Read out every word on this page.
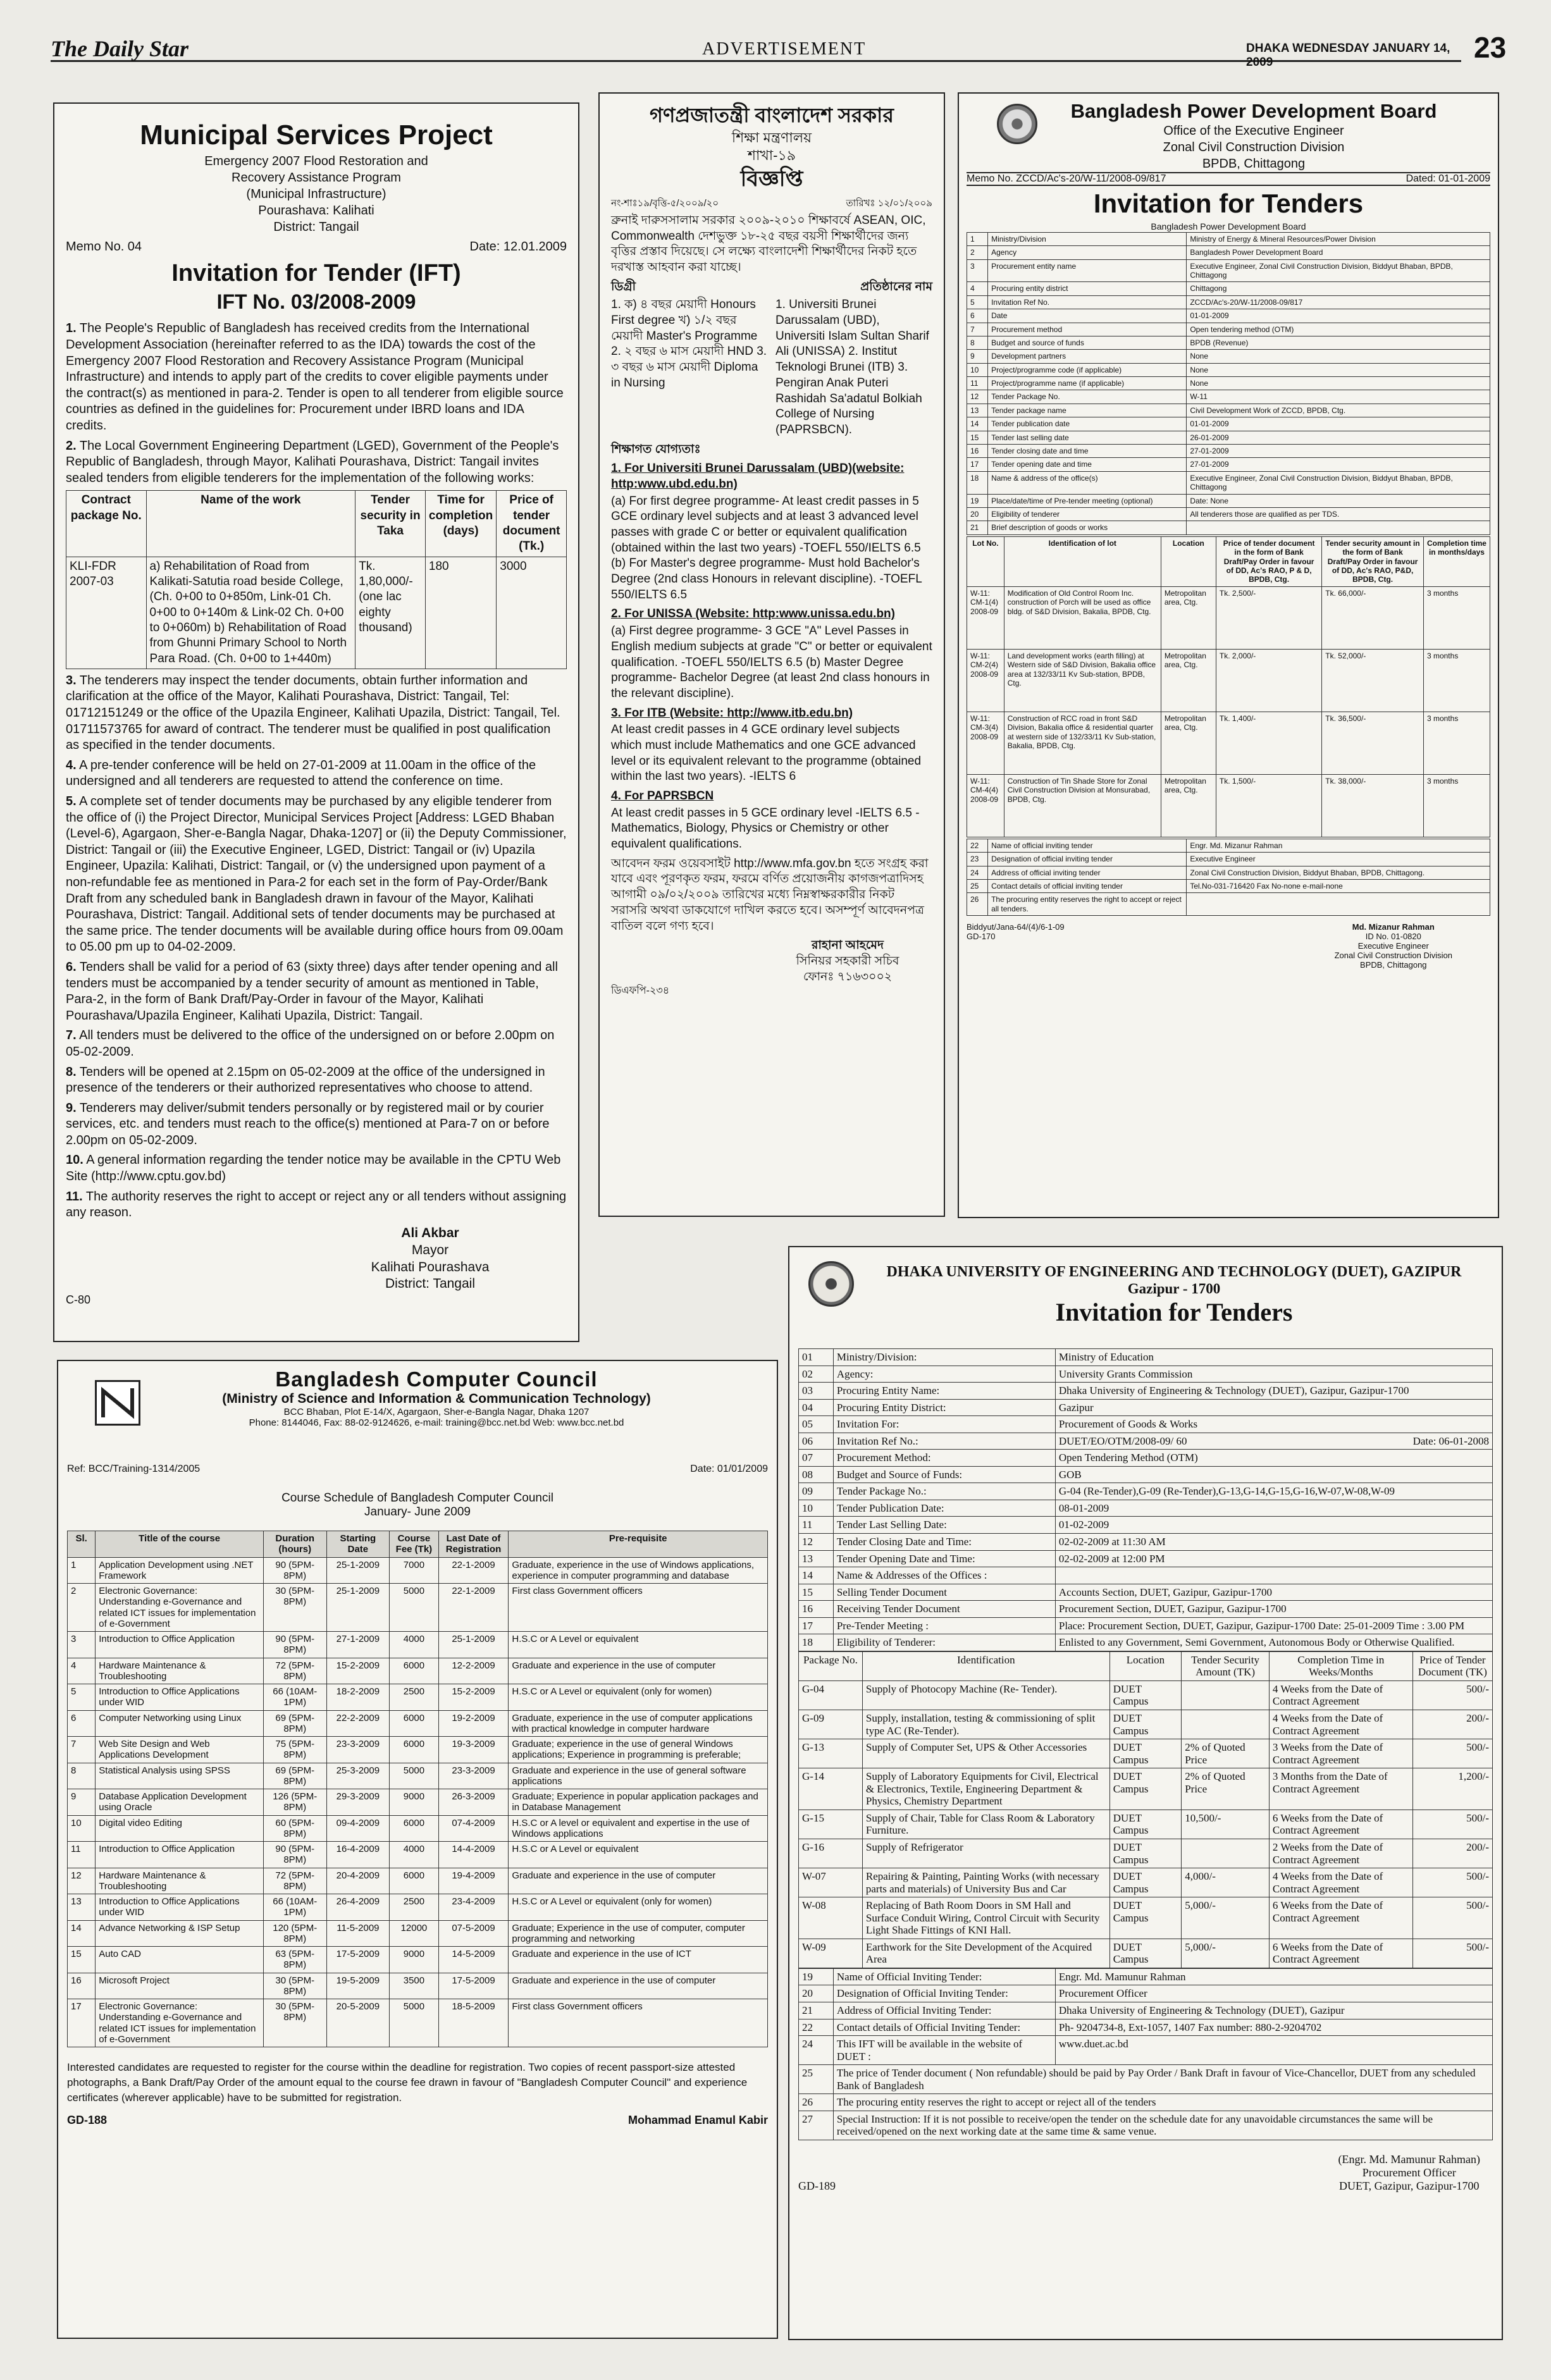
The Daily Star	ADVERTISEMENT	DHAKA WEDNESDAY JANUARY 14, 2009	23
Municipal Services Project
Emergency 2007 Flood Restoration and
Recovery Assistance Program
(Municipal Infrastructure)
Pourashava: Kalihati
District: Tangail
Memo No. 04	Date: 12.01.2009
Invitation for Tender (IFT)
IFT No. 03/2008-2009

1. The People's Republic of Bangladesh has received credits from the International Development Association (hereinafter referred to as the IDA) towards the cost of the Emergency 2007 Flood Restoration and Recovery Assistance Program (Municipal Infrastructure) and intends to apply part of the credits to cover eligible payments under the contract(s) as mentioned in para-2. Tender is open to all tenderer from eligible source countries as defined in the guidelines for: Procurement under IBRD loans and IDA credits.

2. The Local Government Engineering Department (LGED), Government of the People's Republic of Bangladesh, through Mayor, Kalihati Pourashava, District: Tangail invites sealed tenders from eligible tenderers for the implementation of the following works:

Contract package No.	Name of the work	Tender security in Taka	Time for completion (days)	Price of tender document (Tk.)
KLI-FDR 2007-03	a) Rehabilitation of Road from Kalikati-Satutia road beside College, (Ch. 0+00 to 0+850m, Link-01 Ch. 0+00 to 0+140m & Link-02 Ch. 0+00 to 0+060m) b) Rehabilitation of Road from Ghunni Primary School to North Para Road. (Ch. 0+00 to 1+440m)	Tk. 1,80,000/- (one lac eighty thousand)	180	3000

3. The tenderers may inspect the tender documents, obtain further information and clarification at the office of the Mayor, Kalihati Pourashava, District: Tangail, Tel: 01712151249 or the office of the Upazila Engineer, Kalihati Upazila, District: Tangail, Tel. 01711573765 for award of contract. The tenderer must be qualified in post qualification as specified in the tender documents.

4. A pre-tender conference will be held on 27-01-2009 at 11.00am in the office of the undersigned and all tenderers are requested to attend the conference on time.

5. A complete set of tender documents may be purchased by any eligible tenderer from the office of (i) the Project Director, Municipal Services Project [Address: LGED Bhaban (Level-6), Agargaon, Sher-e-Bangla Nagar, Dhaka-1207] or (ii) the Deputy Commissioner, District: Tangail or (iii) the Executive Engineer, LGED, District: Tangail or (iv) Upazila Engineer, Upazila: Kalihati, District: Tangail, or (v) the undersigned upon payment of a non-refundable fee as mentioned in Para-2 for each set in the form of Pay-Order/Bank Draft from any scheduled bank in Bangladesh drawn in favour of the Mayor, Kalihati Pourashava, District: Tangail. Additional sets of tender documents may be purchased at the same price. The tender documents will be available during office hours from 09.00am to 05.00 pm up to 04-02-2009.

6. Tenders shall be valid for a period of 63 (sixty three) days after tender opening and all tenders must be accompanied by a tender security of amount as mentioned in Table, Para-2, in the form of Bank Draft/Pay-Order in favour of the Mayor, Kalihati Pourashava/Upazila Engineer, Kalihati Upazila, District: Tangail.

7. All tenders must be delivered to the office of the undersigned on or before 2.00pm on 05-02-2009.

8. Tenders will be opened at 2.15pm on 05-02-2009 at the office of the undersigned in presence of the tenderers or their authorized representatives who choose to attend.

9. Tenderers may deliver/submit tenders personally or by registered mail or by courier services, etc. and tenders must reach to the office(s) mentioned at Para-7 on or before 2.00pm on 05-02-2009.

10. A general information regarding the tender notice may be available in the CPTU Web Site (http://www.cptu.gov.bd)

11. The authority reserves the right to accept or reject any or all tenders without assigning any reason.

Ali Akbar
Mayor
Kalihati Pourashava
District: Tangail
C-80
গণপ্রজাতন্ত্রী বাংলাদেশ সরকার
শিক্ষা মন্ত্রণালয়
শাখা-১৯
বিজ্ঞপ্তি
নং-শাঃ১৯/বৃত্তি-৫/২০০৯/২০	তারিখঃ ১২/০১/২০০৯

ব্রুনাই দারুসসালাম সরকার ২০০৯-২০১০ শিক্ষাবর্ষে ASEAN, OIC, Commonwealth দেশভুক্ত ১৮-২৫ বছর বয়সী শিক্ষার্থীদের জন্য বৃত্তির প্রস্তাব দিয়েছে। সে লক্ষ্যে বাংলাদেশী শিক্ষার্থীদের নিকট হতে দরখাস্ত আহবান করা যাচ্ছে।

ডিগ্রী	প্রতিষ্ঠানের নাম

1. ক) ৪ বছর মেয়াদী Honours First degree খ) ১/২ বছর মেয়াদী Master's Programme 2. ২ বছর ৬ মাস মেয়াদী HND 3. ৩ বছর ৬ মাস মেয়াদী Diploma in Nursing

1. Universiti Brunei Darussalam (UBD), Universiti Islam Sultan Sharif Ali (UNISSA) 2. Institut Teknologi Brunei (ITB) 3. Pengiran Anak Puteri Rashidah Sa'adatul Bolkiah College of Nursing (PAPRSBCN).

শিক্ষাগত যোগ্যতাঃ

1. For Universiti Brunei Darussalam (UBD)(website: http:www.ubd.edu.bn)

(a) For first degree programme- At least credit passes in 5 GCE ordinary level subjects and at least 3 advanced level passes with grade C or better or equivalent qualification (obtained within the last two years) -TOEFL 550/IELTS 6.5 (b) For Master's degree programme- Must hold Bachelor's Degree (2nd class Honours in relevant discipline). -TOEFL 550/IELTS 6.5

2. For UNISSA (Website: http:www.unissa.edu.bn)

(a) First degree programme- 3 GCE "A" Level Passes in English medium subjects at grade "C" or better or equivalent qualification. -TOEFL 550/IELTS 6.5 (b) Master Degree programme- Bachelor Degree (at least 2nd class honours in the relevant discipline).

3. For ITB (Website: http://www.itb.edu.bn)

At least credit passes in 4 GCE ordinary level subjects which must include Mathematics and one GCE advanced level or its equivalent relevant to the programme (obtained within the last two years). -IELTS 6

4. For PAPRSBCN

At least credit passes in 5 GCE ordinary level -IELTS 6.5 -Mathematics, Biology, Physics or Chemistry or other equivalent qualifications.

আবেদন ফরম ওয়েবসাইট http://www.mfa.gov.bn হতে সংগ্রহ করা যাবে এবং পূরণকৃত ফরম, ফরমে বর্ণিত প্রয়োজনীয় কাগজপত্রাদিসহ আগামী ০৯/০২/২০০৯ তারিখের মধ্যে নিম্নস্বাক্ষরকারীর নিকট সরাসরি অথবা ডাকযোগে দাখিল করতে হবে। অসম্পূর্ণ আবেদনপত্র বাতিল বলে গণ্য হবে।

রাহানা আহমেদ
সিনিয়র সহকারী সচিব
ফোনঃ ৭১৬৩০০২
ডিএফপি-২৩৪
Bangladesh Power Development Board
Office of the Executive Engineer
Zonal Civil Construction Division
BPDB, Chittagong
Memo No. ZCCD/Ac's-20/W-11/2008-09/817	Dated: 01-01-2009
Invitation for Tenders
Bangladesh Power Development Board
1	Ministry/Division	Ministry of Energy & Mineral Resources/Power Division
2	Agency	Bangladesh Power Development Board
3	Procurement entity name	Executive Engineer, Zonal Civil Construction Division, Biddyut Bhaban, BPDB, Chittagong
4	Procuring entity district	Chittagong
5	Invitation Ref No.	ZCCD/Ac's-20/W-11/2008-09/817
6	Date	01-01-2009
7	Procurement method	Open tendering method (OTM)
8	Budget and source of funds	BPDB (Revenue)
9	Development partners	None
10	Project/programme code (if applicable)	None
11	Project/programme name (if applicable)	None
12	Tender Package No.	W-11
13	Tender package name	Civil Development Work of ZCCD, BPDB, Ctg.
14	Tender publication date	01-01-2009
15	Tender last selling date	26-01-2009
16	Tender closing date and time	27-01-2009
17	Tender opening date and time	27-01-2009
18	Name & address of the office(s)	Executive Engineer, Zonal Civil Construction Division, Biddyut Bhaban, BPDB, Chittagong
19	Place/date/time of Pre-tender meeting (optional)	Date: None
20	Eligibility of tenderer	All tenderers those are qualified as per TDS.
21	Brief description of goods or works	
Lot No.	Identification of lot	Location	Price of tender document in the form of Bank Draft/Pay Order in favour of DD, Ac's RAO, P & D, BPDB, Ctg.	Tender security amount in the form of Bank Draft/Pay Order in favour of DD, Ac's RAO, P&D, BPDB, Ctg.	Completion time in months/days
W-11: CM-1(4) 2008-09	Modification of Old Control Room Inc. construction of Porch will be used as office bldg. of S&D Division, Bakalia, BPDB, Ctg.	Metropolitan area, Ctg.	Tk. 2,500/-	Tk. 66,000/-	3 months
W-11: CM-2(4) 2008-09	Land development works (earth filling) at Western side of S&D Division, Bakalia office area at 132/33/11 Kv Sub-station, BPDB, Ctg.	Metropolitan area, Ctg.	Tk. 2,000/-	Tk. 52,000/-	3 months
W-11: CM-3(4) 2008-09	Construction of RCC road in front S&D Division, Bakalia office & residential quarter at western side of 132/33/11 Kv Sub-station, Bakalia, BPDB, Ctg.	Metropolitan area, Ctg.	Tk. 1,400/-	Tk. 36,500/-	3 months
W-11: CM-4(4) 2008-09	Construction of Tin Shade Store for Zonal Civil Construction Division at Monsurabad, BPDB, Ctg.	Metropolitan area, Ctg.	Tk. 1,500/-	Tk. 38,000/-	3 months
22	Name of official inviting tender	Engr. Md. Mizanur Rahman
23	Designation of official inviting tender	Executive Engineer
24	Address of official inviting tender	Zonal Civil Construction Division, Biddyut Bhaban, BPDB, Chittagong.
25	Contact details of official inviting tender	Tel.No-031-716420 Fax No-none e-mail-none
26	The procuring entity reserves the right to accept or reject all tenders.	
Biddyut/Jana-64/(4)/6-1-09
GD-170
Md. Mizanur Rahman
ID No. 01-0820
Executive Engineer
Zonal Civil Construction Division
BPDB, Chittagong
Bangladesh Computer Council
(Ministry of Science and Information & Communication Technology)
BCC Bhaban, Plot E-14/X, Agargaon, Sher-e-Bangla Nagar, Dhaka 1207
Phone: 8144046, Fax: 88-02-9124626, e-mail: training@bcc.net.bd Web: www.bcc.net.bd
Ref: BCC/Training-1314/2005	Date: 01/01/2009
Course Schedule of Bangladesh Computer Council
January- June 2009
Sl.	Title of the course	Duration (hours)	Starting Date	Course Fee (Tk)	Last Date of Registration	Pre-requisite
1	Application Development using .NET Framework	90 (5PM-8PM)	25-1-2009	7000	22-1-2009	Graduate, experience in the use of Windows applications, experience in computer programming and database
2	Electronic Governance: Understanding e-Governance and related ICT issues for implementation of e-Government	30 (5PM-8PM)	25-1-2009	5000	22-1-2009	First class Government officers
3	Introduction to Office Application	90 (5PM-8PM)	27-1-2009	4000	25-1-2009	H.S.C or A Level or equivalent
4	Hardware Maintenance & Troubleshooting	72 (5PM-8PM)	15-2-2009	6000	12-2-2009	Graduate and experience in the use of computer
5	Introduction to Office Applications under WID	66 (10AM-1PM)	18-2-2009	2500	15-2-2009	H.S.C or A Level or equivalent (only for women)
6	Computer Networking using Linux	69 (5PM-8PM)	22-2-2009	6000	19-2-2009	Graduate, experience in the use of computer applications with practical knowledge in computer hardware
7	Web Site Design and Web Applications Development	75 (5PM-8PM)	23-3-2009	6000	19-3-2009	Graduate; experience in the use of general Windows applications; Experience in programming is preferable;
8	Statistical Analysis using SPSS	69 (5PM-8PM)	25-3-2009	5000	23-3-2009	Graduate and experience in the use of general software applications
9	Database Application Development using Oracle	126 (5PM-8PM)	29-3-2009	9000	26-3-2009	Graduate; Experience in popular application packages and in Database Management
10	Digital video Editing	60 (5PM-8PM)	09-4-2009	6000	07-4-2009	H.S.C or A level or equivalent and expertise in the use of Windows applications
11	Introduction to Office Application	90 (5PM-8PM)	16-4-2009	4000	14-4-2009	H.S.C or A Level or equivalent
12	Hardware Maintenance & Troubleshooting	72 (5PM-8PM)	20-4-2009	6000	19-4-2009	Graduate and experience in the use of computer
13	Introduction to Office Applications under WID	66 (10AM-1PM)	26-4-2009	2500	23-4-2009	H.S.C or A Level or equivalent (only for women)
14	Advance Networking & ISP Setup	120 (5PM-8PM)	11-5-2009	12000	07-5-2009	Graduate; Experience in the use of computer, computer programming and networking
15	Auto CAD	63 (5PM-8PM)	17-5-2009	9000	14-5-2009	Graduate and experience in the use of ICT
16	Microsoft Project	30 (5PM-8PM)	19-5-2009	3500	17-5-2009	Graduate and experience in the use of computer
17	Electronic Governance: Understanding e-Governance and related ICT issues for implementation of e-Government	30 (5PM-8PM)	20-5-2009	5000	18-5-2009	First class Government officers

Interested candidates are requested to register for the course within the deadline for registration. Two copies of recent passport-size attested photographs, a Bank Draft/Pay Order of the amount equal to the course fee drawn in favour of "Bangladesh Computer Council" and experience certificates (wherever applicable) have to be submitted for registration.

GD-188	Mohammad Enamul Kabir
DHAKA UNIVERSITY OF ENGINEERING AND TECHNOLOGY (DUET), GAZIPUR
Gazipur - 1700
Invitation for Tenders
01	Ministry/Division:	Ministry of Education
02	Agency:	University Grants Commission
03	Procuring Entity Name:	Dhaka University of Engineering & Technology (DUET), Gazipur, Gazipur-1700
04	Procuring Entity District:	Gazipur
05	Invitation For:	Procurement of Goods & Works
06	Invitation Ref No.:	DUET/EO/OTM/2008-09/ 60 Date: 06-01-2008

07	Procurement Method:	Open Tendering Method (OTM)
08	Budget and Source of Funds:	GOB
09	Tender Package No.:	G-04 (Re-Tender),G-09 (Re-Tender),G-13,G-14,G-15,G-16,W-07,W-08,W-09
10	Tender Publication Date:	08-01-2009
11	Tender Last Selling Date:	01-02-2009
12	Tender Closing Date and Time:	02-02-2009 at 11:30 AM
13	Tender Opening Date and Time:	02-02-2009 at 12:00 PM
14	Name & Addresses of the Offices :	
15	Selling Tender Document	Accounts Section, DUET, Gazipur, Gazipur-1700
16	Receiving Tender Document	Procurement Section, DUET, Gazipur, Gazipur-1700
17	Pre-Tender Meeting :	Place: Procurement Section, DUET, Gazipur, Gazipur-1700 Date: 25-01-2009 Time : 3.00 PM
18	Eligibility of Tenderer:	Enlisted to any Government, Semi Government, Autonomous Body or Otherwise Qualified.
Package No.	Identification	Location	Tender Security Amount (TK)	Completion Time in Weeks/Months	Price of Tender Document (TK)
G-04	Supply of Photocopy Machine (Re- Tender).	DUET Campus		4 Weeks from the Date of Contract Agreement	500/-
G-09	Supply, installation, testing & commissioning of split type AC (Re-Tender).	DUET Campus		4 Weeks from the Date of Contract Agreement	200/-
G-13	Supply of Computer Set, UPS & Other Accessories	DUET Campus	2% of Quoted Price	3 Weeks from the Date of Contract Agreement	500/-
G-14	Supply of Laboratory Equipments for Civil, Electrical & Electronics, Textile, Engineering Department & Physics, Chemistry Department	DUET Campus	2% of Quoted Price	3 Months from the Date of Contract Agreement	1,200/-
G-15	Supply of Chair, Table for Class Room & Laboratory Furniture.	DUET Campus	10,500/-	6 Weeks from the Date of Contract Agreement	500/-
G-16	Supply of Refrigerator	DUET Campus		2 Weeks from the Date of Contract Agreement	200/-
W-07	Repairing & Painting, Painting Works (with necessary parts and materials) of University Bus and Car	DUET Campus	4,000/-	4 Weeks from the Date of Contract Agreement	500/-
W-08	Replacing of Bath Room Doors in SM Hall and Surface Conduit Wiring, Control Circuit with Security Light Shade Fittings of KNI Hall.	DUET Campus	5,000/-	6 Weeks from the Date of Contract Agreement	500/-
W-09	Earthwork for the Site Development of the Acquired Area	DUET Campus	5,000/-	6 Weeks from the Date of Contract Agreement	500/-
19	Name of Official Inviting Tender:	Engr. Md. Mamunur Rahman
20	Designation of Official Inviting Tender:	Procurement Officer
21	Address of Official Inviting Tender:	Dhaka University of Engineering & Technology (DUET), Gazipur
22	Contact details of Official Inviting Tender:	Ph- 9204734-8, Ext-1057, 1407 Fax number: 880-2-9204702
24	This IFT will be available in the website of DUET :	www.duet.ac.bd
25	The price of Tender document ( Non refundable) should be paid by Pay Order / Bank Draft in favour of Vice-Chancellor, DUET from any scheduled Bank of Bangladesh	
26	The procuring entity reserves the right to accept or reject all of the tenders	
27	Special Instruction: If it is not possible to receive/open the tender on the schedule date for any unavoidable circumstances the same will be received/opened on the next working date at the same time & same venue.	
GD-189
(Engr. Md. Mamunur Rahman)
Procurement Officer
DUET, Gazipur, Gazipur-1700
